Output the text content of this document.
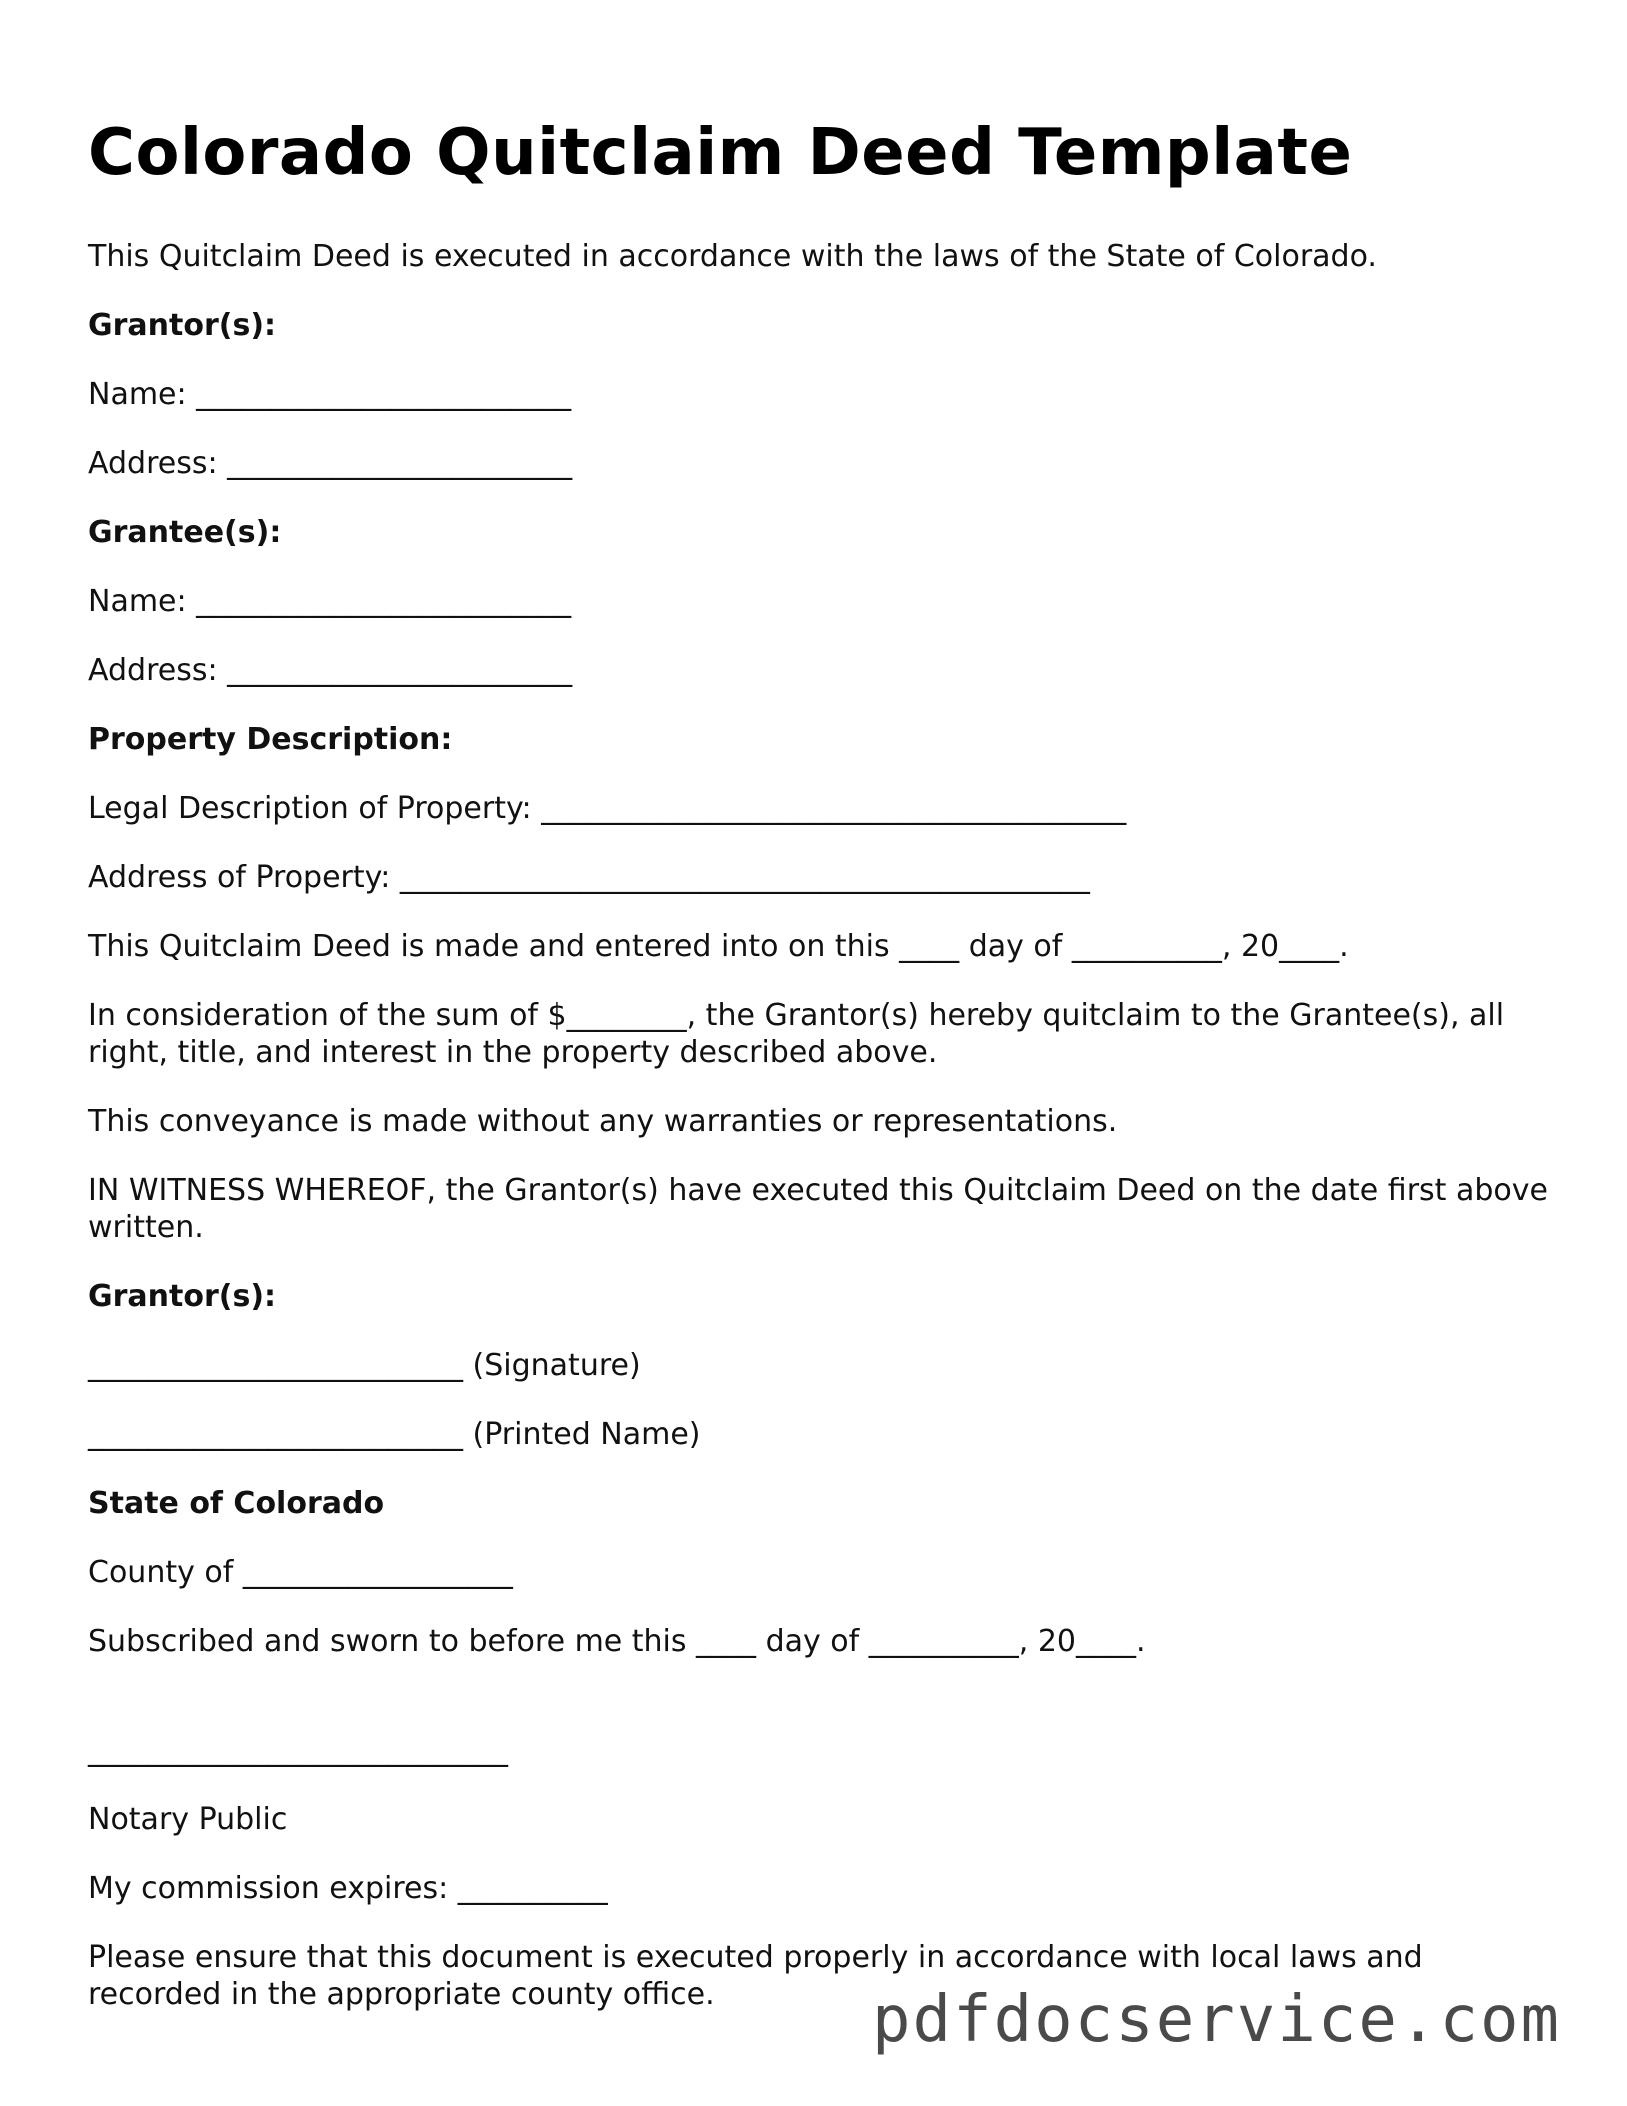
Colorado Quitclaim Deed Template

This Quitclaim Deed is executed in accordance with the laws of the State of Colorado.

Grantor(s):

Name: _________________________

Address: _______________________

Grantee(s):

Name: _________________________

Address: _______________________

Property Description:

Legal Description of Property: _______________________________________

Address of Property: ______________________________________________

This Quitclaim Deed is made and entered into on this ____ day of __________, 20____.

In consideration of the sum of $________, the Grantor(s) hereby quitclaim to the Grantee(s), all right, title, and interest in the property described above.

This conveyance is made without any warranties or representations.

IN WITNESS WHEREOF, the Grantor(s) have executed this Quitclaim Deed on the date first above written.

Grantor(s):

_________________________ (Signature)

_________________________ (Printed Name)

State of Colorado

County of __________________

Subscribed and sworn to before me this ____ day of __________, 20____.

____________________________

Notary Public

My commission expires: __________

Please ensure that this document is executed properly in accordance with local laws and recorded in the appropriate county office.	pdfdocservice.com
